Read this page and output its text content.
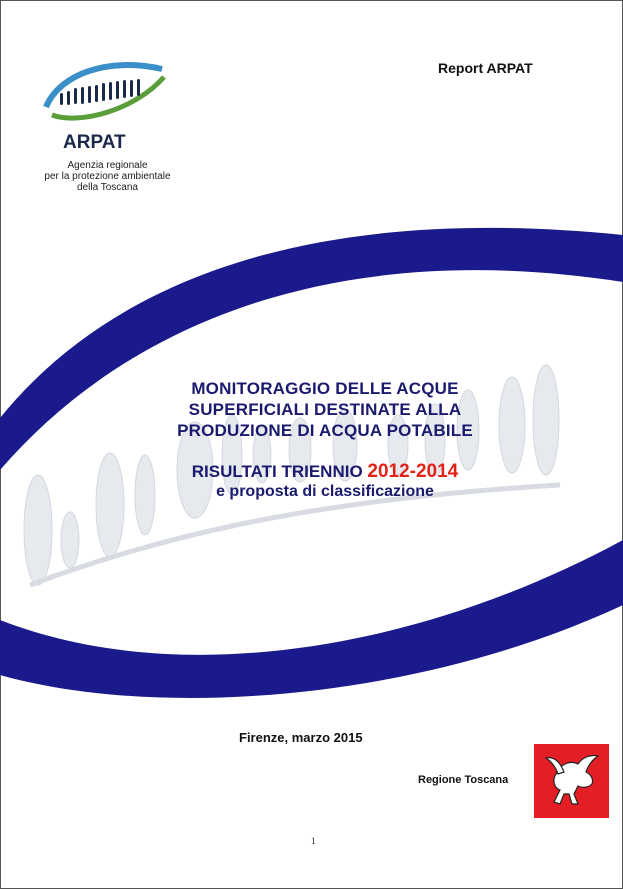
Report ARPAT
ARPAT
Agenzia regionale
per la protezione ambientale
della Toscana
MONITORAGGIO DELLE ACQUE
SUPERFICIALI DESTINATE ALLA
PRODUZIONE DI ACQUA POTABILE
RISULTATI TRIENNIO 2012-2014
e proposta di classificazione
Firenze, marzo 2015
Regione Toscana
1
